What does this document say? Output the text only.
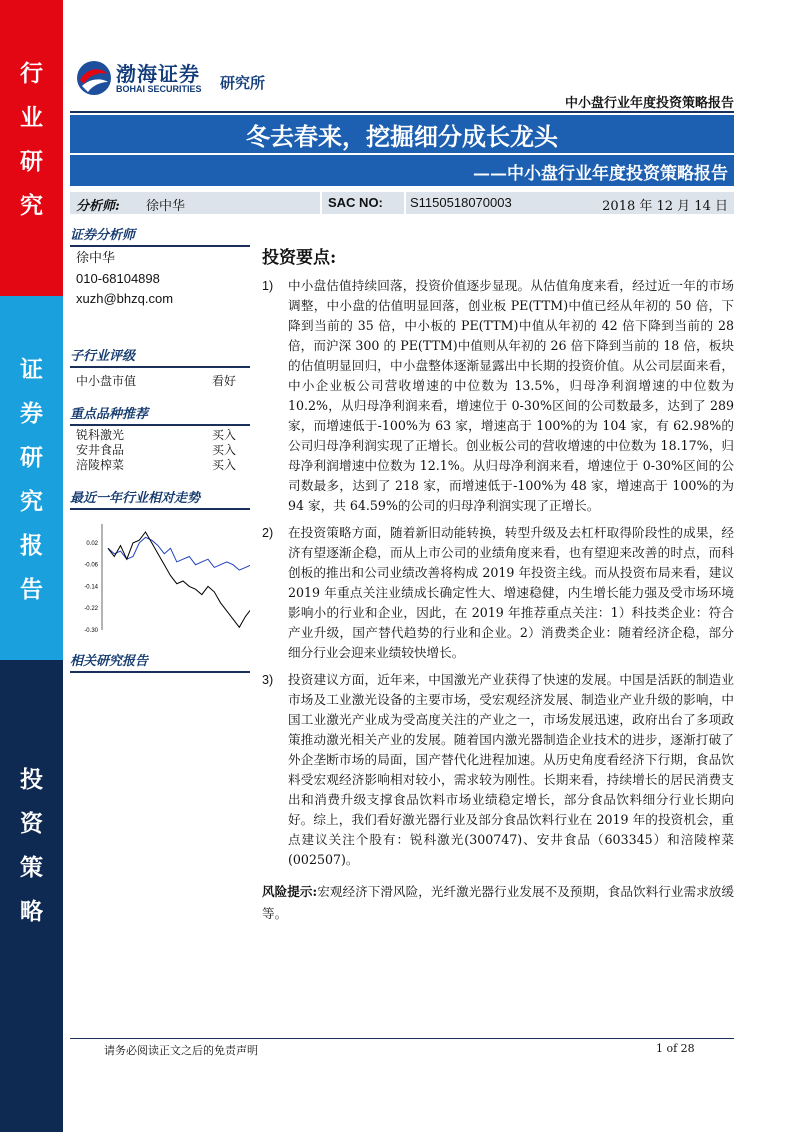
行
业
研
究
证
券
研
究
报
告
投
资
策
略
渤海证券
BOHAI SECURITIES 研究所
中小盘行业年度投资策略报告
冬去春来，挖掘细分成长龙头
——中小盘行业年度投资策略报告
分析师: 徐中华	SAC NO: S1150518070003	2018 年 12 月 14 日
证券分析师
徐中华
010-68104898
xuzh@bhzq.com
子行业评级
中小盘市值	看好
重点品种推荐
锐科激光	买入
安井食品	买入
涪陵榨菜	买入
最近一年行业相对走势
0.02
-0.06
-0.14
-0.22
-0.30
相关研究报告
投资要点:
1) 中小盘估值持续回落，投资价值逐步显现。从估值角度来看，经过近一年的市场调整，中小盘的估值明显回落，创业板 PE(TTM)中值已经从年初的 50 倍，下降到当前的 35 倍，中小板的 PE(TTM)中值从年初的 42 倍下降到当前的 28 倍，而沪深 300 的 PE(TTM)中值则从年初的 26 倍下降到当前的 18 倍，板块的估值明显回归，中小盘整体逐渐显露出中长期的投资价值。从公司层面来看，中小企业板公司营收增速的中位数为 13.5%，归母净利润增速的中位数为 10.2%，从归母净利润来看，增速位于 0-30%区间的公司数最多，达到了 289 家，而增速低于-100%为 63 家，增速高于 100%的为 104 家，有 62.98%的公司归母净利润实现了正增长。创业板公司的营收增速的中位数为 18.17%，归母净利润增速中位数为 12.1%。从归母净利润来看，增速位于 0-30%区间的公司数最多，达到了 218 家，而增速低于-100%为 48 家，增速高于 100%的为 94 家，共 64.59%的公司的归母净利润实现了正增长。
2) 在投资策略方面，随着新旧动能转换，转型升级及去杠杆取得阶段性的成果，经济有望逐渐企稳，而从上市公司的业绩角度来看，也有望迎来改善的时点，而科创板的推出和公司业绩改善将构成 2019 年投资主线。而从投资布局来看，建议 2019 年重点关注业绩成长确定性大、增速稳健，内生增长能力强及受市场环境影响小的行业和企业，因此，在 2019 年推荐重点关注：1）科技类企业：符合产业升级，国产替代趋势的行业和企业。2）消费类企业：随着经济企稳，部分细分行业会迎来业绩较快增长。
3) 投资建议方面，近年来，中国激光产业获得了快速的发展。中国是活跃的制造业市场及工业激光设备的主要市场，受宏观经济发展、制造业产业升级的影响，中国工业激光产业成为受高度关注的产业之一，市场发展迅速，政府出台了多项政策推动激光相关产业的发展。随着国内激光器制造企业技术的进步，逐渐打破了外企垄断市场的局面，国产替代化进程加速。从历史角度看经济下行期，食品饮料受宏观经济影响相对较小，需求较为刚性。长期来看，持续增长的居民消费支出和消费升级支撑食品饮料市场业绩稳定增长，部分食品饮料细分行业长期向好。综上，我们看好激光器行业及部分食品饮料行业在 2019 年的投资机会，重点建议关注个股有：锐科激光(300747)、安井食品（603345）和涪陵榨菜(002507)。
风险提示:宏观经济下滑风险，光纤激光器行业发展不及预期，食品饮料行业需求放缓等。
请务必阅读正文之后的免责声明	1 of 28
